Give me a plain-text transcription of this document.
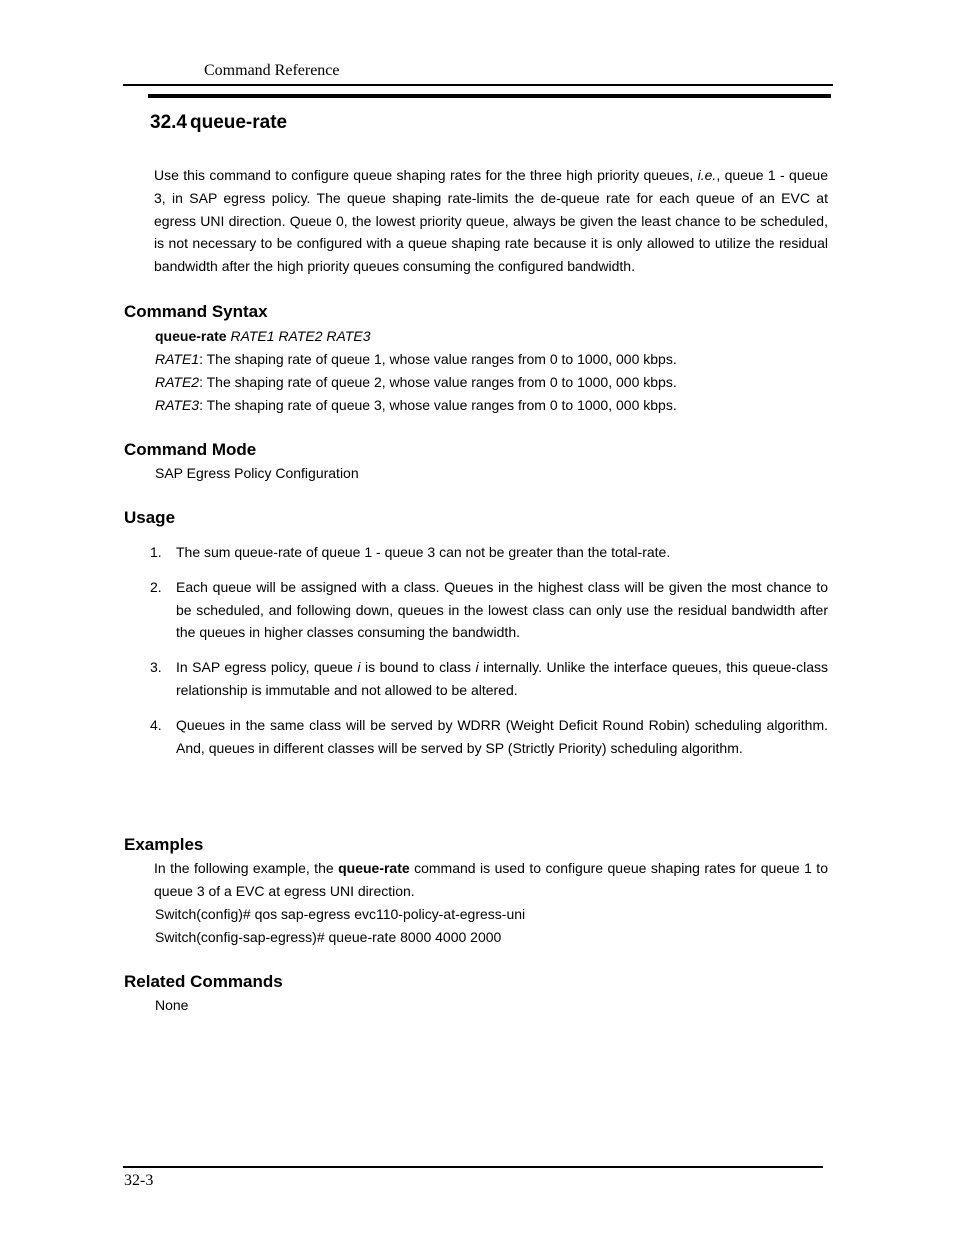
Command Reference
32.4 queue-rate

Use this command to configure queue shaping rates for the three high priority queues, i.e., queue 1 - queue 3, in SAP egress policy. The queue shaping rate-limits the de-queue rate for each queue of an EVC at egress UNI direction. Queue 0, the lowest priority queue, always be given the least chance to be scheduled, is not necessary to be configured with a queue shaping rate because it is only allowed to utilize the residual bandwidth after the high priority queues consuming the configured bandwidth.

Command Syntax

queue-rate RATE1 RATE2 RATE3

RATE1: The shaping rate of queue 1, whose value ranges from 0 to 1000, 000 kbps.

RATE2: The shaping rate of queue 2, whose value ranges from 0 to 1000, 000 kbps.

RATE3: The shaping rate of queue 3, whose value ranges from 0 to 1000, 000 kbps.

Command Mode

SAP Egress Policy Configuration

Usage
1. The sum queue-rate of queue 1 - queue 3 can not be greater than the total-rate.
2. Each queue will be assigned with a class. Queues in the highest class will be given the most chance to be scheduled, and following down, queues in the lowest class can only use the residual bandwidth after the queues in higher classes consuming the bandwidth.
3. In SAP egress policy, queue i is bound to class i internally. Unlike the interface queues, this queue-class relationship is immutable and not allowed to be altered.
4. Queues in the same class will be served by WDRR (Weight Deficit Round Robin) scheduling algorithm. And, queues in different classes will be served by SP (Strictly Priority) scheduling algorithm.
Examples

In the following example, the queue-rate command is used to configure queue shaping rates for queue 1 to queue 3 of a EVC at egress UNI direction.

Switch(config)# qos sap-egress evc110-policy-at-egress-uni

Switch(config-sap-egress)# queue-rate 8000 4000 2000

Related Commands

None

32-3
